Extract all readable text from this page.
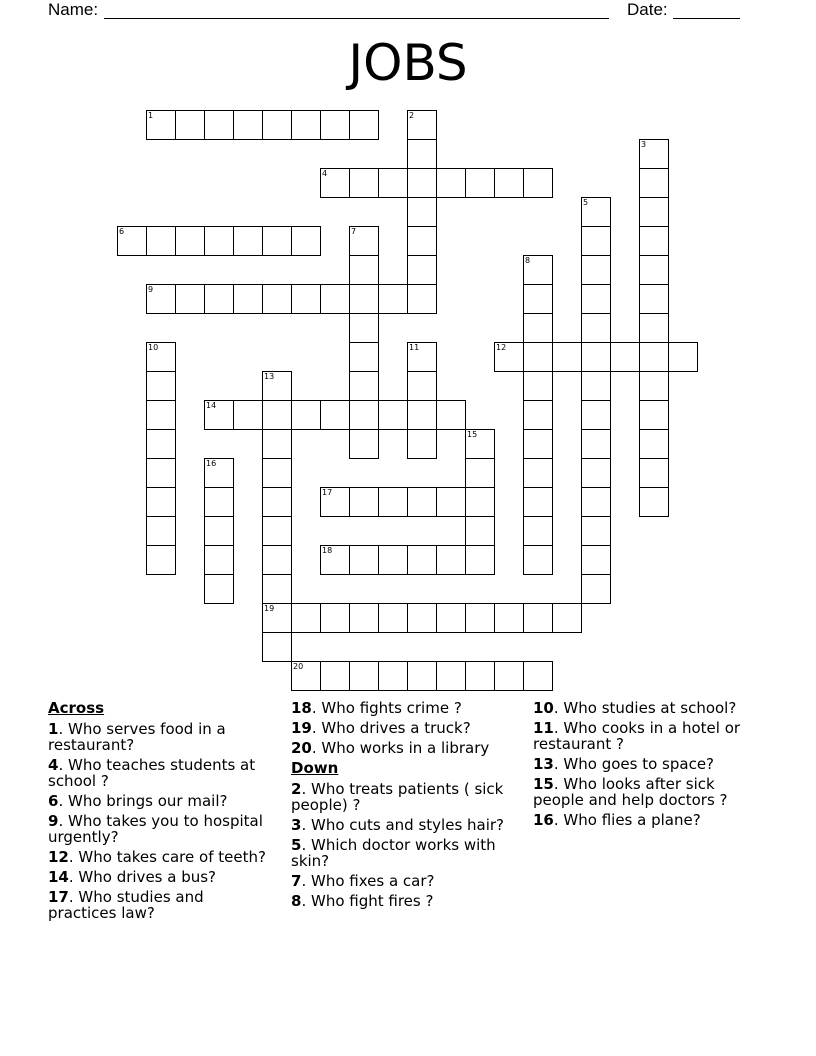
Name:	Date:
JOBS
1	2
3
4
5
6	7
8
9
10	11	12
13
19
14
15
16
17
18
20
Across
1. Who serves food in a restaurant?
4. Who teaches students at school ?
6. Who brings our mail?
9. Who takes you to hospital urgently?
12. Who takes care of teeth?
14. Who drives a bus?
17. Who studies and practices law?
18. Who fights crime ?
19. Who drives a truck?
20. Who works in a library
Down
2. Who treats patients ( sick people) ?
3. Who cuts and styles hair?
5. Which doctor works with skin?
7. Who fixes a car?
8. Who fight fires ?
10. Who studies at school?
11. Who cooks in a hotel or restaurant ?
13. Who goes to space?
15. Who looks after sick people and help doctors ?
16. Who flies a plane?
